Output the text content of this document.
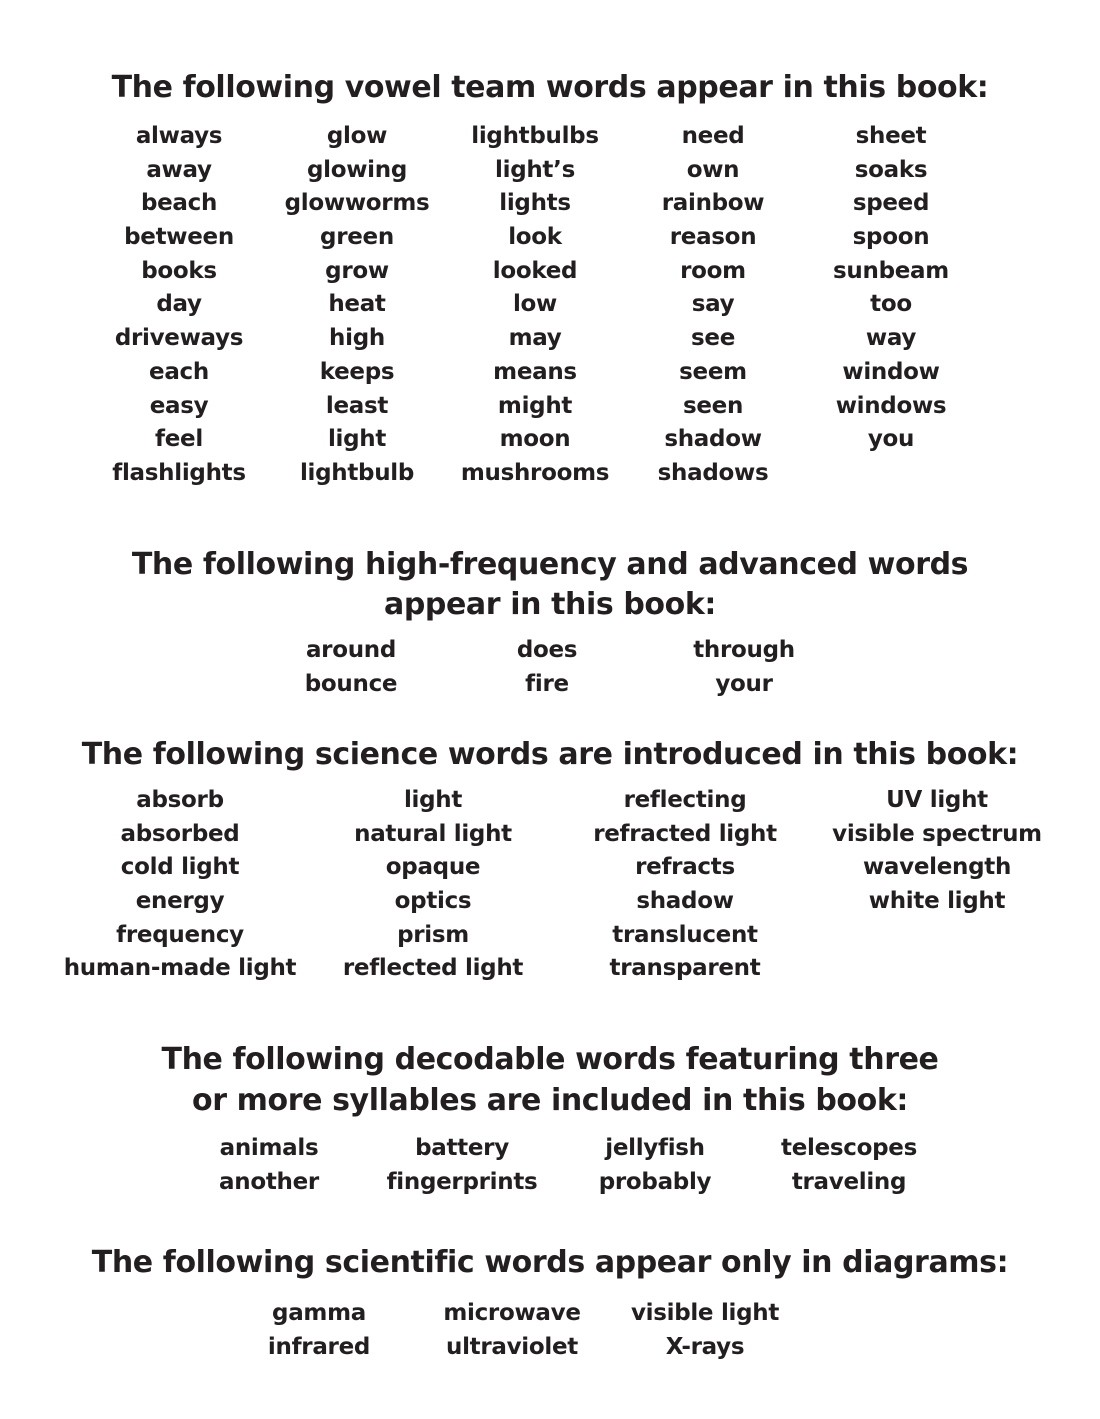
The following vowel team words appear in this book:
always
away
beach
between
books
day
driveways
each
easy
feel
flashlights
glow
glowing
glowworms
green
grow
heat
high
keeps
least
light
lightbulb
lightbulbs
light’s
lights
look
looked
low
may
means
might
moon
mushrooms
need
own
rainbow
reason
room
say
see
seem
seen
shadow
shadows
sheet
soaks
speed
spoon
sunbeam
too
way
window
windows
you
The following high-frequency and advanced words
appear in this book:
around
bounce
does
fire
through
your
The following science words are introduced in this book:
absorb
absorbed
cold light
energy
frequency
human-made light
light
natural light
opaque
optics
prism
reflected light
reflecting
refracted light
refracts
shadow
translucent
transparent
UV light
visible spectrum
wavelength
white light
The following decodable words featuring three
or more syllables are included in this book:
animals
another
battery
fingerprints
jellyfish
probably
telescopes
traveling
The following scientific words appear only in diagrams:
gamma
infrared
microwave
ultraviolet
visible light
X-rays
